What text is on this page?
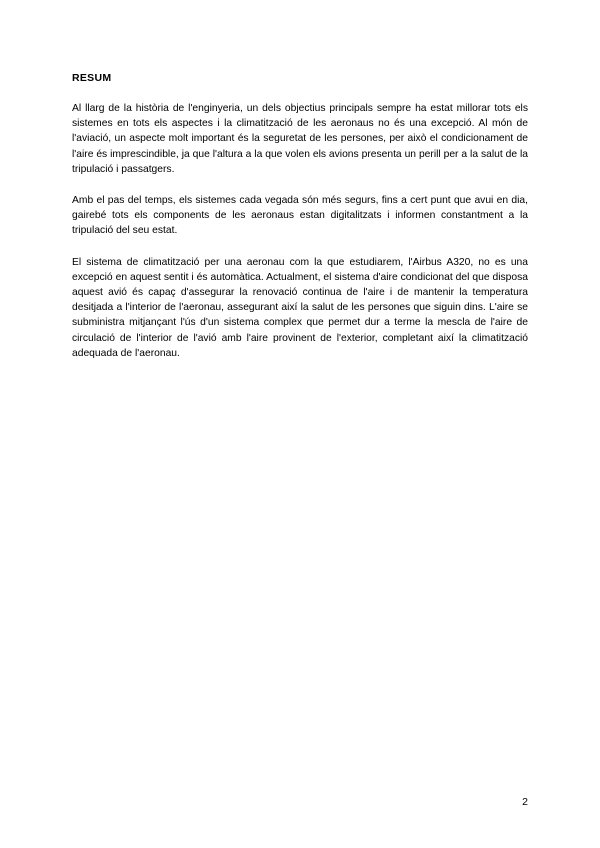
RESUM

Al llarg de la història de l'enginyeria, un dels objectius principals sempre ha estat millorar tots els sistemes en tots els aspectes i la climatització de les aeronaus no és una excepció. Al món de l'aviació, un aspecte molt important és la seguretat de les persones, per això el condicionament de l'aire és imprescindible, ja que l'altura a la que volen els avions presenta un perill per a la salut de la tripulació i passatgers.

Amb el pas del temps, els sistemes cada vegada són més segurs, fins a cert punt que avui en dia, gairebé tots els components de les aeronaus estan digitalitzats i informen constantment a la tripulació del seu estat.

El sistema de climatització per una aeronau com la que estudiarem, l'Airbus A320, no es una excepció en aquest sentit i és automàtica. Actualment, el sistema d'aire condicionat del que disposa aquest avió és capaç d'assegurar la renovació continua de l'aire i de mantenir la temperatura desitjada a l'interior de l'aeronau, assegurant així la salut de les persones que siguin dins. L'aire se subministra mitjançant l'ús d'un sistema complex que permet dur a terme la mescla de l'aire de circulació de l'interior de l'avió amb l'aire provinent de l'exterior, completant així la climatització adequada de l'aeronau.

2
